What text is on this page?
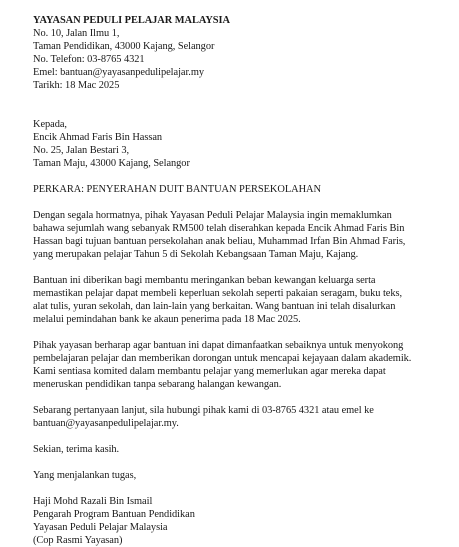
YAYASAN PEDULI PELAJAR MALAYSIA
No. 10, Jalan Ilmu 1,
Taman Pendidikan, 43000 Kajang, Selangor
No. Telefon: 03-8765 4321
Emel: bantuan@yayasanpedulipelajar.my
Tarikh: 18 Mac 2025
Kepada,
Encik Ahmad Faris Bin Hassan
No. 25, Jalan Bestari 3,
Taman Maju, 43000 Kajang, Selangor
PERKARA: PENYERAHAN DUIT BANTUAN PERSEKOLAHAN
Dengan segala hormatnya, pihak Yayasan Peduli Pelajar Malaysia ingin memaklumkan
bahawa sejumlah wang sebanyak RM500 telah diserahkan kepada Encik Ahmad Faris Bin
Hassan bagi tujuan bantuan persekolahan anak beliau, Muhammad Irfan Bin Ahmad Faris,
yang merupakan pelajar Tahun 5 di Sekolah Kebangsaan Taman Maju, Kajang.
Bantuan ini diberikan bagi membantu meringankan beban kewangan keluarga serta
memastikan pelajar dapat membeli keperluan sekolah seperti pakaian seragam, buku teks,
alat tulis, yuran sekolah, dan lain-lain yang berkaitan. Wang bantuan ini telah disalurkan
melalui pemindahan bank ke akaun penerima pada 18 Mac 2025.
Pihak yayasan berharap agar bantuan ini dapat dimanfaatkan sebaiknya untuk menyokong
pembelajaran pelajar dan memberikan dorongan untuk mencapai kejayaan dalam akademik.
Kami sentiasa komited dalam membantu pelajar yang memerlukan agar mereka dapat
meneruskan pendidikan tanpa sebarang halangan kewangan.
Sebarang pertanyaan lanjut, sila hubungi pihak kami di 03-8765 4321 atau emel ke
bantuan@yayasanpedulipelajar.my.
Sekian, terima kasih.
Yang menjalankan tugas,
Haji Mohd Razali Bin Ismail
Pengarah Program Bantuan Pendidikan
Yayasan Peduli Pelajar Malaysia
(Cop Rasmi Yayasan)
